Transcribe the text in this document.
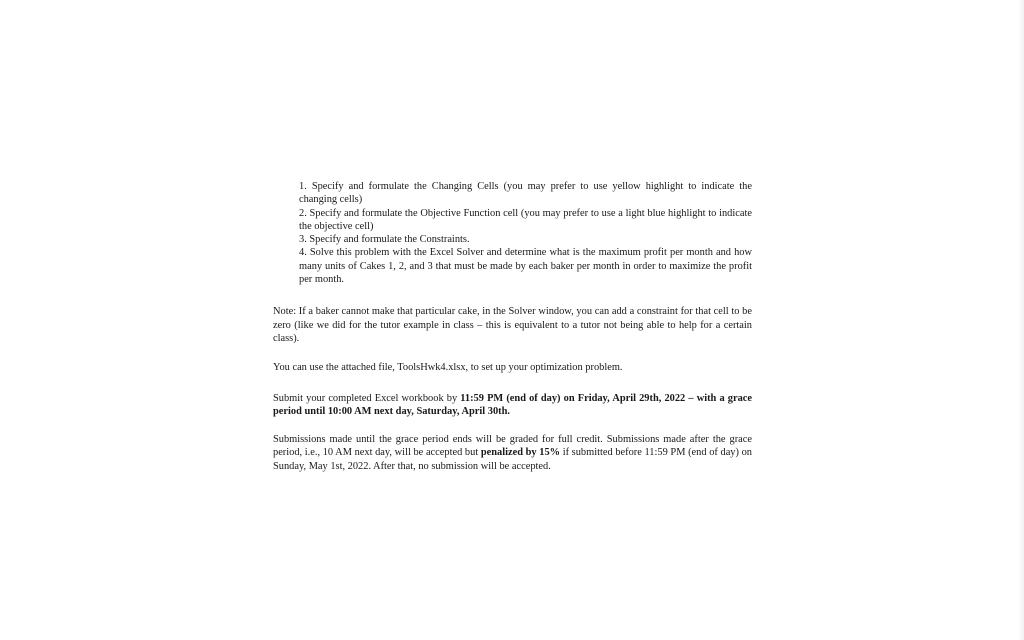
1. Specify and formulate the Changing Cells (you may prefer to use yellow highlight to indicate the changing cells)
2. Specify and formulate the Objective Function cell (you may prefer to use a light blue highlight to indicate the objective cell)
3. Specify and formulate the Constraints.
4. Solve this problem with the Excel Solver and determine what is the maximum profit per month and how many units of Cakes 1, 2, and 3 that must be made by each baker per month in order to maximize the profit per month.

Note: If a baker cannot make that particular cake, in the Solver window, you can add a constraint for that cell to be zero (like we did for the tutor example in class – this is equivalent to a tutor not being able to help for a certain class).

You can use the attached file, ToolsHwk4.xlsx, to set up your optimization problem.

Submit your completed Excel workbook by 11:59 PM (end of day) on Friday, April 29th, 2022 – with a grace period until 10:00 AM next day, Saturday, April 30th.

Submissions made until the grace period ends will be graded for full credit. Submissions made after the grace period, i.e., 10 AM next day, will be accepted but penalized by 15% if submitted before 11:59 PM (end of day) on Sunday, May 1st, 2022. After that, no submission will be accepted.
